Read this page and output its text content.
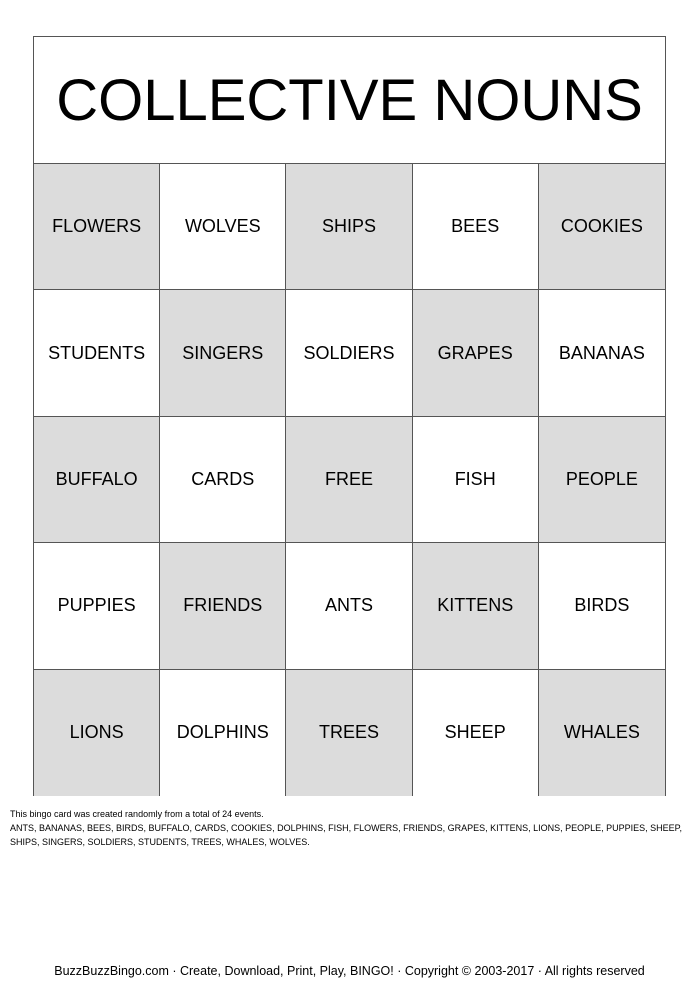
COLLECTIVE NOUNS
FLOWERS	WOLVES	SHIPS	BEES	COOKIES
STUDENTS	SINGERS	SOLDIERS	GRAPES	BANANAS
BUFFALO	CARDS	FREE	FISH	PEOPLE
PUPPIES	FRIENDS	ANTS	KITTENS	BIRDS
LIONS	DOLPHINS	TREES	SHEEP	WHALES
This bingo card was created randomly from a total of 24 events.
ANTS, BANANAS, BEES, BIRDS, BUFFALO, CARDS, COOKIES, DOLPHINS, FISH, FLOWERS, FRIENDS, GRAPES, KITTENS, LIONS, PEOPLE, PUPPIES, SHEEP, SHIPS, SINGERS, SOLDIERS, STUDENTS, TREES, WHALES, WOLVES.
BuzzBuzzBingo.com · Create, Download, Print, Play, BINGO! · Copyright © 2003-2017 · All rights reserved
